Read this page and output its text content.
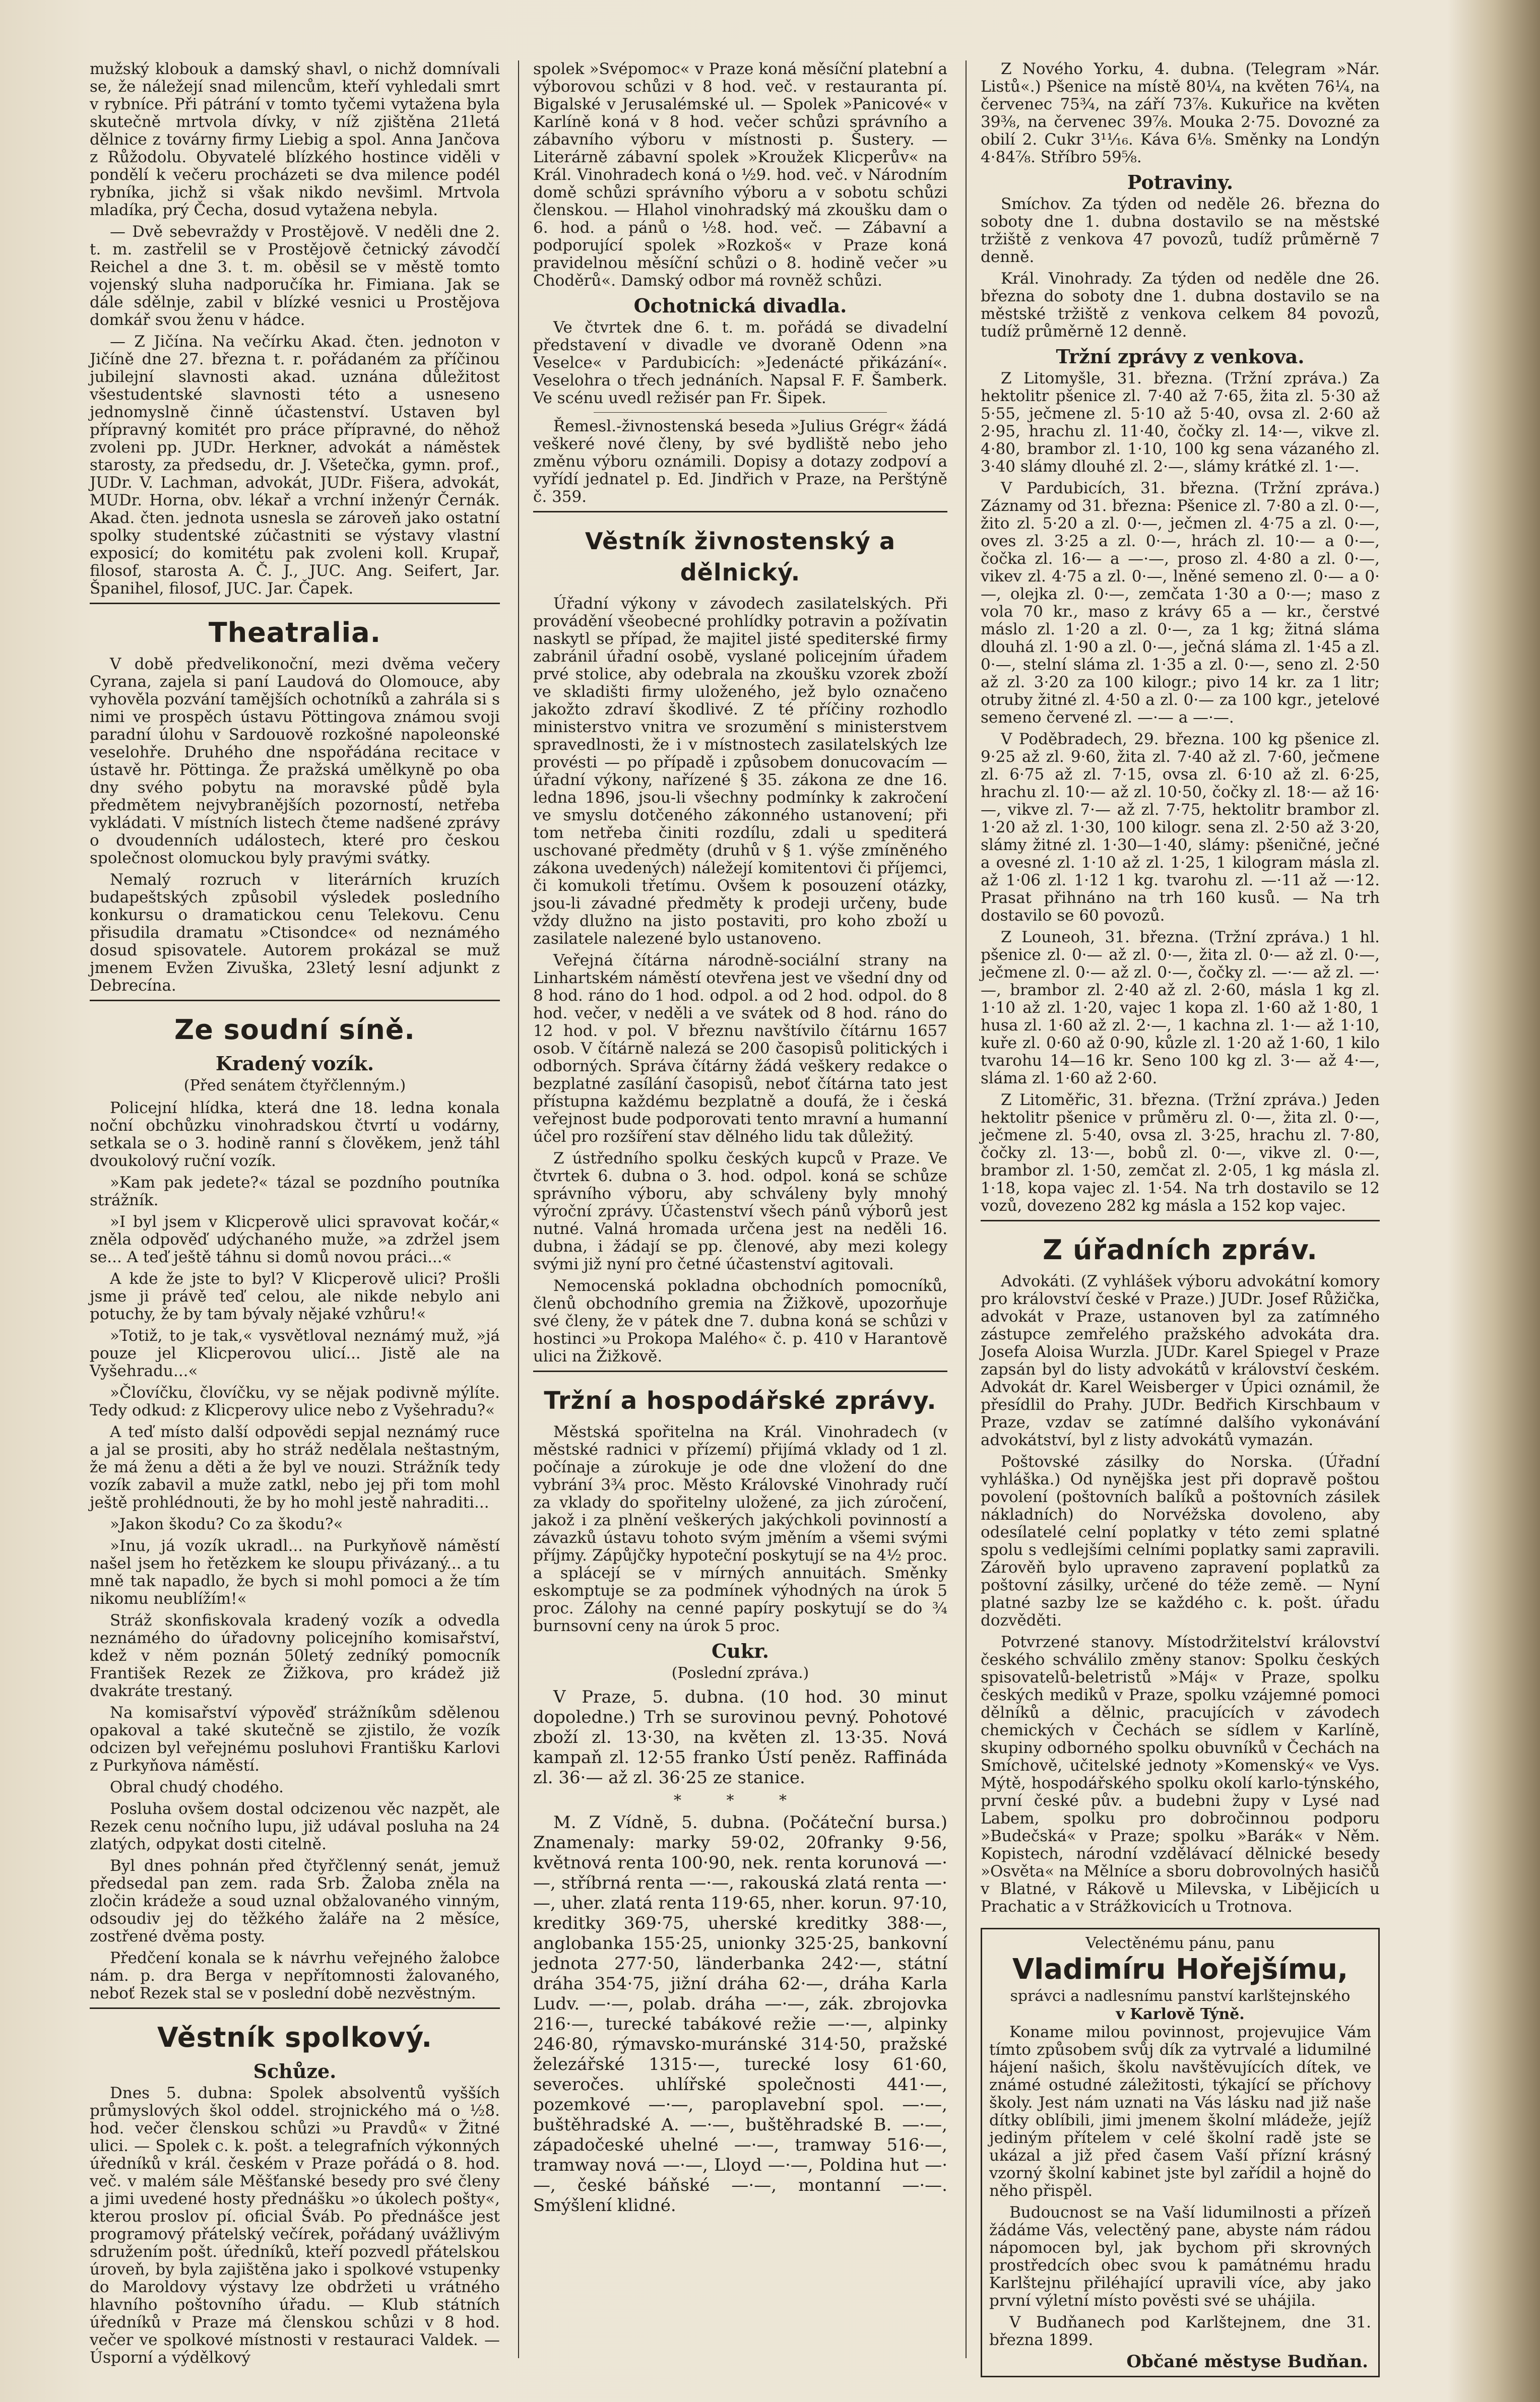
mužský klobouk a damský shavl, o nichž domnívali se, že náležejí snad milencům, kteří vyhledali smrt v rybníce. Při pátrání v tomto tyčemi vytažena byla skutečně mrtvola dívky, v níž zjištěna 21letá dělnice z továrny firmy Liebig a spol. Anna Jančova z Růžodolu. Obyvatelé blízkého hostince viděli v pondělí k večeru procházeti se dva milence podél rybníka, jichž si však nikdo nevšiml. Mrtvola mladíka, prý Čecha, dosud vytažena nebyla.

— Dvě sebevraždy v Prostějově. V neděli dne 2. t. m. zastřelil se v Prostějově četnický závodčí Reichel a dne 3. t. m. oběsil se v městě tomto vojenský sluha nadporučíka hr. Fimiana. Jak se dále sdělnje, zabil v blízké vesnici u Prostějova domkář svou ženu v hádce.

— Z Jičína. Na večírku Akad. čten. jednoton v Jičíně dne 27. března t. r. pořádaném za příčinou jubilejní slavnosti akad. uznána důležitost všestudentské slavnosti této a usneseno jednomyslně činně účastenství. Ustaven byl přípravný komitét pro práce přípravné, do něhož zvoleni pp. JUDr. Herkner, advokát a náměstek starosty, za předsedu, dr. J. Všetečka, gymn. prof., JUDr. V. Lachman, advokát, JUDr. Fišera, advokát, MUDr. Horna, obv. lékař a vrchní inženýr Černák. Akad. čten. jednota usnesla se zároveň jako ostatní spolky studentské zúčastniti se výstavy vlastní exposicí; do komitétu pak zvoleni koll. Krupař, filosof, starosta A. Č. J., JUC. Ang. Seifert, Jar. Španihel, filosof, JUC. Jar. Čapek.

Theatralia.

V době předvelikonoční, mezi dvěma večery Cyrana, zajela si paní Laudová do Olomouce, aby vyhověla pozvání tamějších ochotníků a zahrála si s nimi ve prospěch ústavu Pöttingova známou svoji paradní úlohu v Sardouově rozkošné napoleonské veselohře. Druhého dne nspořádána recitace v ústavě hr. Pöttinga. Že pražská umělkyně po oba dny svého pobytu na moravské půdě byla předmětem nejvybranějších pozorností, netřeba vykládati. V místních listech čteme nadšené zprávy o dvoudenních událostech, které pro českou společnost olomuckou byly pravými svátky.

Nemalý rozruch v literárních kruzích budapeštských způsobil výsledek posledního konkursu o dramatickou cenu Telekovu. Cenu přisudila dramatu »Ctisondce« od neznámého dosud spisovatele. Autorem prokázal se muž jmenem Evžen Zivuška, 23letý lesní adjunkt z Debrecína.

Ze soudní síně.
Kradený vozík.
(Před senátem čtyřčlenným.)

Policejní hlídka, která dne 18. ledna konala noční obchůzku vinohradskou čtvrtí u vodárny, setkala se o 3. hodině ranní s člověkem, jenž táhl dvoukolový ruční vozík.

»Kam pak jedete?« tázal se pozdního poutníka strážník.

»I byl jsem v Klicperově ulici spravovat kočár,« zněla odpověď udýchaného muže, »a zdržel jsem se... A teď ještě táhnu si domů novou práci...«

A kde že jste to byl? V Klicperově ulici? Prošli jsme ji právě teď celou, ale nikde nebylo ani potuchy, že by tam bývaly nějaké vzhůru!«

»Totiž, to je tak,« vysvětloval neznámý muž, »já pouze jel Klicperovou ulicí... Jistě ale na Vyšehradu...«

»Človíčku, človíčku, vy se nějak podivně mýlíte. Tedy odkud: z Klicperovy ulice nebo z Vyšehradu?«

A teď místo další odpovědi sepjal neznámý ruce a jal se prositi, aby ho stráž nedělala neštastným, že má ženu a děti a že byl ve nouzi. Strážník tedy vozík zabavil a muže zatkl, nebo jej při tom mohl ještě prohlédnouti, že by ho mohl jestě nahraditi...

»Jakon škodu? Co za škodu?«

»Inu, já vozík ukradl... na Purkyňově náměstí našel jsem ho řetězkem ke sloupu přivázaný... a tu mně tak napadlo, že bych si mohl pomoci a že tím nikomu neublížím!«

Stráž skonfiskovala kradený vozík a odvedla neznámého do úřadovny policejního komisařství, kdež v něm poznán 50letý zedníký pomocník František Rezek ze Žižkova, pro krádež již dvakráte trestaný.

Na komisařství výpověď strážníkům sdělenou opakoval a také skutečně se zjistilo, že vozík odcizen byl veřejnému posluhovi Františku Karlovi z Purkyňova náměstí.

Obral chudý chodého.

Posluha ovšem dostal odcizenou věc nazpět, ale Rezek cenu nočního lupu, již udával posluha na 24 zlatých, odpykat dosti citelně.

Byl dnes pohnán před čtyřčlenný senát, jemuž předsedal pan zem. rada Srb. Žaloba zněla na zločin krádeže a soud uznal obžalovaného vinným, odsoudiv jej do těžkého žaláře na 2 měsíce, zostřené dvěma posty.

Předčení konala se k návrhu veřejného žalobce nám. p. dra Berga v nepřítomnosti žalovaného, neboť Rezek stal se v poslední době nezvěstným.

Věstník spolkový.
Schůze.

Dnes 5. dubna: Spolek absolventů vyšších průmyslových škol oddel. strojnického má o ½8. hod. večer členskou schůzi »u Pravdů« v Žitné ulici. — Spolek c. k. pošt. a telegrafních výkonných úředníků v král. českém v Praze pořádá o 8. hod. več. v malém sále Měšťanské besedy pro své členy a jimi uvedené hosty přednášku »o úkolech pošty«, kterou proslov pí. oficial Šváb. Po přednášce jest programový přátelský večírek, pořádaný uvážlivým sdružením pošt. úředníků, kteří pozvedl přátelskou úroveň, by byla zajištěna jako i spolkové vstupenky do Maroldovy výstavy lze obdržeti u vrátného hlavního poštovního úřadu. — Klub státních úředníků v Praze má členskou schůzi v 8 hod. večer ve spolkové místnosti v restauraci Valdek. — Úsporní a výdělkový

spolek »Svépomoc« v Praze koná měsíční platební a výborovou schůzi v 8 hod. več. v restauranta pí. Bigalské v Jerusalémské ul. — Spolek »Panicové« v Karlíně koná v 8 hod. večer schůzi správního a zábavního výboru v místnosti p. Šustery. — Literárně zábavní spolek »Kroužek Klicperův« na Král. Vinohradech koná o ½9. hod. več. v Národním domě schůzi správního výboru a v sobotu schůzi členskou. — Hlahol vinohradský má zkoušku dam o 6. hod. a pánů o ½8. hod. več. — Zábavní a podporující spolek »Rozkoš« v Praze koná pravidelnou měsíční schůzi o 8. hodině večer »u Choděrů«. Damský odbor má rovněž schůzi.

Ochotnická divadla.

Ve čtvrtek dne 6. t. m. pořádá se divadelní představení v divadle ve dvoraně Odenn »na Veselce« v Pardubicích: »Jedenácté přikázání«. Veselohra o třech jednáních. Napsal F. F. Šamberk. Ve scénu uvedl režisér pan Fr. Šipek.

Řemesl.-živnostenská beseda »Julius Grégr« žádá veškeré nové členy, by své bydliště nebo jeho změnu výboru oznámili. Dopisy a dotazy zodpoví a vyřídí jednatel p. Ed. Jindřich v Praze, na Perštýně č. 359.

Věstník živnostenský a dělnický.

Úřadní výkony v závodech zasilatelských. Při provádění všeobecné prohlídky potravin a požívatin naskytl se případ, že majitel jisté spediterské firmy zabránil úřadní osobě, vyslané policejním úřadem prvé stolice, aby odebrala na zkoušku vzorek zboží ve skladišti firmy uloženého, jež bylo označeno jakožto zdraví škodlivé. Z té příčiny rozhodlo ministerstvo vnitra ve srozumění s ministerstvem spravedlnosti, že i v místnostech zasilatelských lze provésti — po případě i způsobem donucovacím — úřadní výkony, nařízené § 35. zákona ze dne 16. ledna 1896, jsou-li všechny podmínky k zakročení ve smyslu dotčeného zákonného ustanovení; při tom netřeba činiti rozdílu, zdali u spediterá uschované předměty (druhů v § 1. výše zmíněného zákona uvedených) náležejí komitentovi či příjemci, či komukoli třetímu. Ovšem k posouzení otázky, jsou-li závadné předměty k prodeji určeny, bude vždy dlužno na jisto postaviti, pro koho zboží u zasilatele nalezené bylo ustanoveno.

Veřejná čítárna národně-sociální strany na Linhartském náměstí otevřena jest ve všední dny od 8 hod. ráno do 1 hod. odpol. a od 2 hod. odpol. do 8 hod. večer, v neděli a ve svátek od 8 hod. ráno do 12 hod. v pol. V březnu navštívilo čítárnu 1657 osob. V čítárně nalezá se 200 časopisů politických i odborných. Správa čítárny žádá veškery redakce o bezplatné zasílání časopisů, neboť čítárna tato jest přístupna každému bezplatně a doufá, že i česká veřejnost bude podporovati tento mravní a humanní účel pro rozšíření stav dělného lidu tak důležitý.

Z ústředního spolku českých kupců v Praze. Ve čtvrtek 6. dubna o 3. hod. odpol. koná se schůze správního výboru, aby schváleny byly mnohý výroční zprávy. Účastenství všech pánů výborů jest nutné. Valná hromada určena jest na neděli 16. dubna, i žádají se pp. členové, aby mezi kolegy svými již nyní pro četné účastenství agitovali.

Nemocenská pokladna obchodních pomocníků, členů obchodního gremia na Žižkově, upozorňuje své členy, že v pátek dne 7. dubna koná se schůzi v hostinci »u Prokopa Malého« č. p. 410 v Harantově ulici na Žižkově.

Tržní a hospodářské zprávy.

Městská spořitelna na Král. Vinohradech (v městské radnici v přízemí) přijímá vklady od 1 zl. počínaje a zúrokuje je ode dne vložení do dne vybrání 3¾ proc. Město Královské Vinohrady ručí za vklady do spořitelny uložené, za jich zúročení, jakož i za plnění veškerých jakýchkoli povinností a závazků ústavu tohoto svým jměním a všemi svými příjmy. Zápůjčky hypoteční poskytují se na 4½ proc. a splácejí se v mírných annuitách. Směnky eskomptuje se za podmínek výhodných na úrok 5 proc. Zálohy na cenné papíry poskytují se do ¾ burnsovní ceny na úrok 5 proc.

Cukr.
(Poslední zpráva.)

V Praze, 5. dubna. (10 hod. 30 minut dopoledne.) Trh se surovinou pevný. Pohotové zboží zl. 13·30, na květen zl. 13·35. Nová kampaň zl. 12·55 franko Ústí peněz. Raffináda zl. 36·— až zl. 36·25 ze stanice.

* * *

M. Z Vídně, 5. dubna. (Počáteční bursa.) Znamenaly: marky 59·02, 20franky 9·56, květnová renta 100·90, nek. renta korunová —·—, stříbrná renta —·—, rakouská zlatá renta —·—, uher. zlatá renta 119·65, nher. korun. 97·10, kreditky 369·75, uherské kreditky 388·—, anglobanka 155·25, unionky 325·25, bankovní jednota 277·50, länderbanka 242·—, státní dráha 354·75, jižní dráha 62·—, dráha Karla Ludv. —·—, polab. dráha —·—, zák. zbrojovka 216·—, turecké tabákové režie —·—, alpinky 246·80, rýmavsko-muránské 314·50, pražské železářské 1315·—, turecké losy 61·60, severočes. uhlířské společnosti 441·—, pozemkové —·—, paroplavební spol. —·—, buštěhradské A. —·—, buštěhradské B. —·—, západočeské uhelné —·—, tramway 516·—, tramway nová —·—, Lloyd —·—, Poldina hut —·—, české báňské —·—, montanní —·—. Smýšlení klidné.

Z Nového Yorku, 4. dubna. (Telegram »Nár. Listů«.) Pšenice na místě 80¼, na květen 76¼, na červenec 75¾, na září 73⅞. Kukuřice na květen 39⅜, na červenec 39⅞. Mouka 2·75. Dovozné za obilí 2. Cukr 3¹¹⁄₁₆. Káva 6⅛. Směnky na Londýn 4·84⅞. Stříbro 59⅝.

Potraviny.

Smíchov. Za týden od neděle 26. března do soboty dne 1. dubna dostavilo se na městské tržiště z venkova 47 povozů, tudíž průměrně 7 denně.

Král. Vinohrady. Za týden od neděle dne 26. března do soboty dne 1. dubna dostavilo se na městské tržiště z venkova celkem 84 povozů, tudíž průměrně 12 denně.

Tržní zprávy z venkova.

Z Litomyšle, 31. března. (Tržní zpráva.) Za hektolitr pšenice zl. 7·40 až 7·65, žita zl. 5·30 až 5·55, ječmene zl. 5·10 až 5·40, ovsa zl. 2·60 až 2·95, hrachu zl. 11·40, čočky zl. 14·—, vikve zl. 4·80, brambor zl. 1·10, 100 kg sena vázaného zl. 3·40 slámy dlouhé zl. 2·—, slámy krátké zl. 1·—.

V Pardubicích, 31. března. (Tržní zpráva.) Záznamy od 31. března: Pšenice zl. 7·80 a zl. 0·—, žito zl. 5·20 a zl. 0·—, ječmen zl. 4·75 a zl. 0·—, oves zl. 3·25 a zl. 0·—, hrách zl. 10·— a 0·—, čočka zl. 16·— a —·—, proso zl. 4·80 a zl. 0·—, vikev zl. 4·75 a zl. 0·—, lněné semeno zl. 0·— a 0·—, olejka zl. 0·—, zemčata 1·30 a 0·—; maso z vola 70 kr., maso z krávy 65 a — kr., čerstvé máslo zl. 1·20 a zl. 0·—, za 1 kg; žitná sláma dlouhá zl. 1·90 a zl. 0·—, ječná sláma zl. 1·45 a zl. 0·—, stelní sláma zl. 1·35 a zl. 0·—, seno zl. 2·50 až zl. 3·20 za 100 kilogr.; pivo 14 kr. za 1 litr; otruby žitné zl. 4·50 a zl. 0·— za 100 kgr., jetelové semeno červené zl. —·— a —·—.

V Poděbradech, 29. března. 100 kg pšenice zl. 9·25 až zl. 9·60, žita zl. 7·40 až zl. 7·60, ječmene zl. 6·75 až zl. 7·15, ovsa zl. 6·10 až zl. 6·25, hrachu zl. 10·— až zl. 10·50, čočky zl. 18·— až 16·—, vikve zl. 7·— až zl. 7·75, hektolitr brambor zl. 1·20 až zl. 1·30, 100 kilogr. sena zl. 2·50 až 3·20, slámy žitné zl. 1·30—1·40, slámy: pšeničné, ječné a ovesné zl. 1·10 až zl. 1·25, 1 kilogram másla zl. až 1·06 zl. 1·12 1 kg. tvarohu zl. —·11 až —·12. Prasat přihnáno na trh 160 kusů. — Na trh dostavilo se 60 povozů.

Z Louneoh, 31. března. (Tržní zpráva.) 1 hl. pšenice zl. 0·— až zl. 0·—, žita zl. 0·— až zl. 0·—, ječmene zl. 0·— až zl. 0·—, čočky zl. —·— až zl. —·—, brambor zl. 2·40 až zl. 2·60, másla 1 kg zl. 1·10 až zl. 1·20, vajec 1 kopa zl. 1·60 až 1·80, 1 husa zl. 1·60 až zl. 2·—, 1 kachna zl. 1·— až 1·10, kuře zl. 0·60 až 0·90, kůzle zl. 1·20 až 1·60, 1 kilo tvarohu 14—16 kr. Seno 100 kg zl. 3·— až 4·—, sláma zl. 1·60 až 2·60.

Z Litoměřic, 31. března. (Tržní zpráva.) Jeden hektolitr pšenice v průměru zl. 0·—, žita zl. 0·—, ječmene zl. 5·40, ovsa zl. 3·25, hrachu zl. 7·80, čočky zl. 13·—, bobů zl. 0·—, vikve zl. 0·—, brambor zl. 1·50, zemčat zl. 2·05, 1 kg másla zl. 1·18, kopa vajec zl. 1·54. Na trh dostavilo se 12 vozů, dovezeno 282 kg másla a 152 kop vajec.

Z úřadních zpráv.

Advokáti. (Z vyhlášek výboru advokátní komory pro království české v Praze.) JUDr. Josef Růžička, advokát v Praze, ustanoven byl za zatímného zástupce zemřelého pražského advokáta dra. Josefa Aloisa Wurzla. JUDr. Karel Spiegel v Praze zapsán byl do listy advokátů v království českém. Advokát dr. Karel Weisberger v Úpici oznámil, že přesídlil do Prahy. JUDr. Bedřich Kirschbaum v Praze, vzdav se zatímné dalšího vykonávání advokátství, byl z listy advokátů vymazán.

Poštovské zásilky do Norska. (Úřadní vyhláška.) Od nynějška jest při dopravě poštou povolení (poštovních balíků a poštovních zásilek nákladních) do Norvéžska dovoleno, aby odesílatelé celní poplatky v této zemi splatné spolu s vedlejšími celními poplatky sami zapravili. Zárověň bylo upraveno zapravení poplatků za poštovní zásilky, určené do téže země. — Nyní platné sazby lze se každého c. k. pošt. úřadu dozvěděti.

Potvrzené stanovy. Místodržitelství království českého schválilo změny stanov: Spolku českých spisovatelů-beletristů »Máj« v Praze, spolku českých mediků v Praze, spolku vzájemné pomoci dělníků a dělnic, pracujících v závodech chemických v Čechách se sídlem v Karlíně, skupiny odborného spolku obuvníků v Čechách na Smíchově, učitelské jednoty »Komenský« ve Vys. Mýtě, hospodářského spolku okolí karlo-týnského, první české pův. a budebni župy v Lysé nad Labem, spolku pro dobročinnou podporu »Budečská« v Praze; spolku »Barák« v Něm. Kopistech, národní vzdělávací dělnické besedy »Osvěta« na Mělníce a sboru dobrovolných hasičů v Blatné, v Rákově u Milevska, v Libějicích u Prachatic a v Strážkovicích u Trotnova.

Velectěnému pánu, panu
Vladimíru Hořejšímu,
správci a nadlesnímu panství karlštejnského
v Karlově Týně.

Koname milou povinnost, projevujice Vám tímto způsobem svůj dík za vytrvalé a lidumilné hájení našich, školu navštěvujících dítek, ve známé ostudné záležitosti, týkající se příchovy školy. Jest nám uznati na Vás lásku nad již naše dítky oblíbili, jimi jmenem školní mládeže, jejíž jediným přítelem v celé školní radě jste se ukázal a již před časem Vaší přízní krásný vzorný školní kabinet jste byl zařídil a hojně do něho přispěl.

Budoucnost se na Vaší lidumilnosti a přízeň žádáme Vás, velectěný pane, abyste nám rádou nápomocen byl, jak bychom při skrovných prostředcích obec svou k památnému hradu Karlštejnu přiléhající upravili více, aby jako první výletní místo pověsti své se uhájila.

V Budňanech pod Karlštejnem, dne 31. března 1899.

Občané městyse Budňan.
